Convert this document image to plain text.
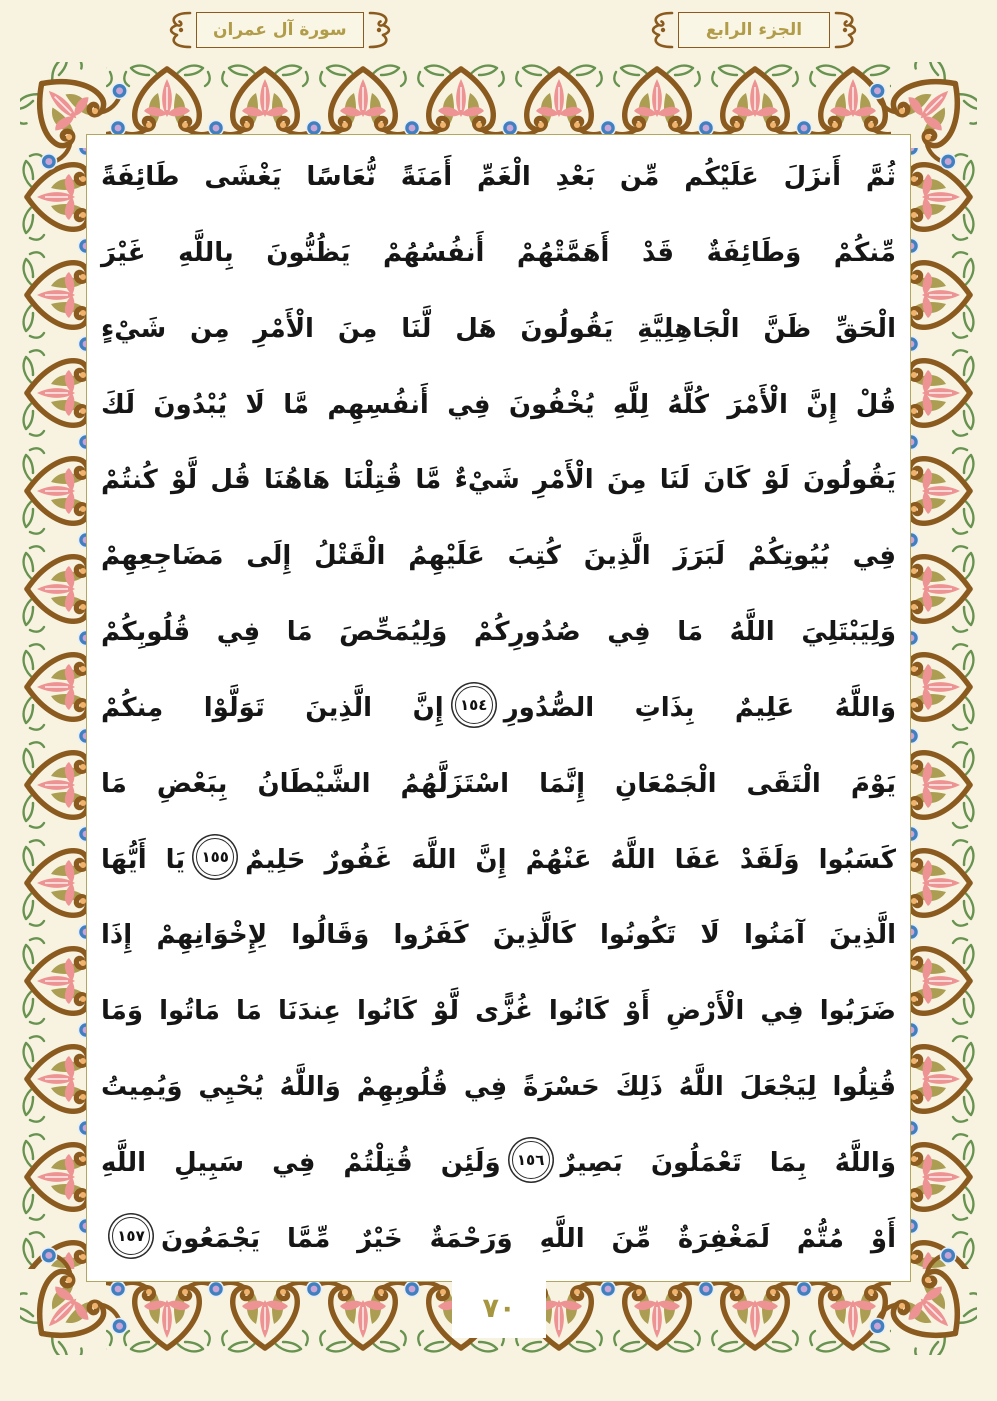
الجزء الرابع
سورة آل عمران
ثُمَّ أَنزَلَ عَلَيْكُم مِّن بَعْدِ الْغَمِّ أَمَنَةً نُّعَاسًا يَغْشَى طَائِفَةً
مِّنكُمْ وَطَائِفَةٌ قَدْ أَهَمَّتْهُمْ أَنفُسُهُمْ يَظُنُّونَ بِاللَّهِ غَيْرَ
الْحَقِّ ظَنَّ الْجَاهِلِيَّةِ يَقُولُونَ هَل لَّنَا مِنَ الْأَمْرِ مِن شَيْءٍ
قُلْ إِنَّ الْأَمْرَ كُلَّهُ لِلَّهِ يُخْفُونَ فِي أَنفُسِهِم مَّا لَا يُبْدُونَ لَكَ
يَقُولُونَ لَوْ كَانَ لَنَا مِنَ الْأَمْرِ شَيْءٌ مَّا قُتِلْنَا هَاهُنَا قُل لَّوْ كُنتُمْ
فِي بُيُوتِكُمْ لَبَرَزَ الَّذِينَ كُتِبَ عَلَيْهِمُ الْقَتْلُ إِلَى مَضَاجِعِهِمْ
وَلِيَبْتَلِيَ اللَّهُ مَا فِي صُدُورِكُمْ وَلِيُمَحِّصَ مَا فِي قُلُوبِكُمْ
وَاللَّهُ عَلِيمٌ بِذَاتِ الصُّدُورِ
١٥٤
إِنَّ الَّذِينَ تَوَلَّوْا مِنكُمْ
يَوْمَ الْتَقَى الْجَمْعَانِ إِنَّمَا اسْتَزَلَّهُمُ الشَّيْطَانُ بِبَعْضِ مَا
كَسَبُوا وَلَقَدْ عَفَا اللَّهُ عَنْهُمْ إِنَّ اللَّهَ غَفُورٌ حَلِيمٌ
١٥٥
يَا أَيُّهَا
الَّذِينَ آمَنُوا لَا تَكُونُوا كَالَّذِينَ كَفَرُوا وَقَالُوا لِإِخْوَانِهِمْ إِذَا
ضَرَبُوا فِي الْأَرْضِ أَوْ كَانُوا غُزًّى لَّوْ كَانُوا عِندَنَا مَا مَاتُوا وَمَا
قُتِلُوا لِيَجْعَلَ اللَّهُ ذَلِكَ حَسْرَةً فِي قُلُوبِهِمْ وَاللَّهُ يُحْيِي وَيُمِيتُ
وَاللَّهُ بِمَا تَعْمَلُونَ بَصِيرٌ
١٥٦
وَلَئِن قُتِلْتُمْ فِي سَبِيلِ اللَّهِ
أَوْ مُتُّمْ لَمَغْفِرَةٌ مِّنَ اللَّهِ وَرَحْمَةٌ خَيْرٌ مِّمَّا يَجْمَعُونَ
١٥٧
٧٠
